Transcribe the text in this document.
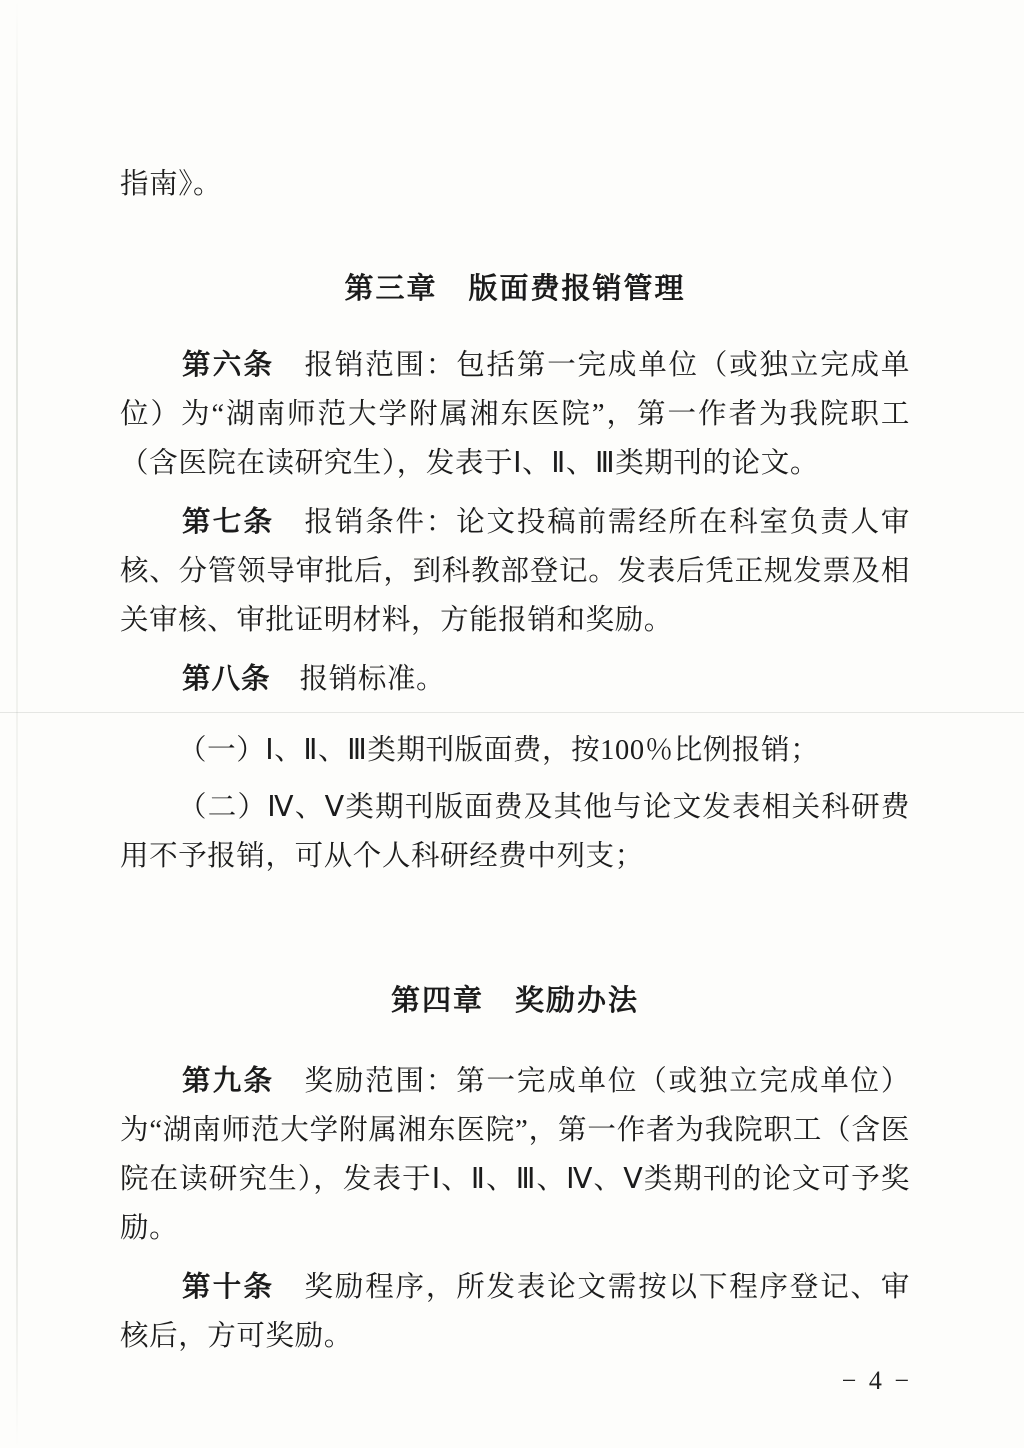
指南》。

第三章　版面费报销管理

第六条　报销范围：包括第一完成单位（或独立完成单位）为“湖南师范大学附属湘东医院”，第一作者为我院职工（含医院在读研究生），发表于Ⅰ、Ⅱ、Ⅲ类期刊的论文。

第七条　报销条件：论文投稿前需经所在科室负责人审核、分管领导审批后，到科教部登记。发表后凭正规发票及相关审核、审批证明材料，方能报销和奖励。

第八条　报销标准。

（一）Ⅰ、Ⅱ、Ⅲ类期刊版面费，按100％比例报销；

（二）Ⅳ、Ⅴ类期刊版面费及其他与论文发表相关科研费用不予报销，可从个人科研经费中列支；

第四章　奖励办法

第九条　奖励范围：第一完成单位（或独立完成单位）为“湖南师范大学附属湘东医院”，第一作者为我院职工（含医院在读研究生），发表于Ⅰ、Ⅱ、Ⅲ、Ⅳ、Ⅴ类期刊的论文可予奖励。

第十条　奖励程序，所发表论文需按以下程序登记、审核后，方可奖励。

− 4 −
